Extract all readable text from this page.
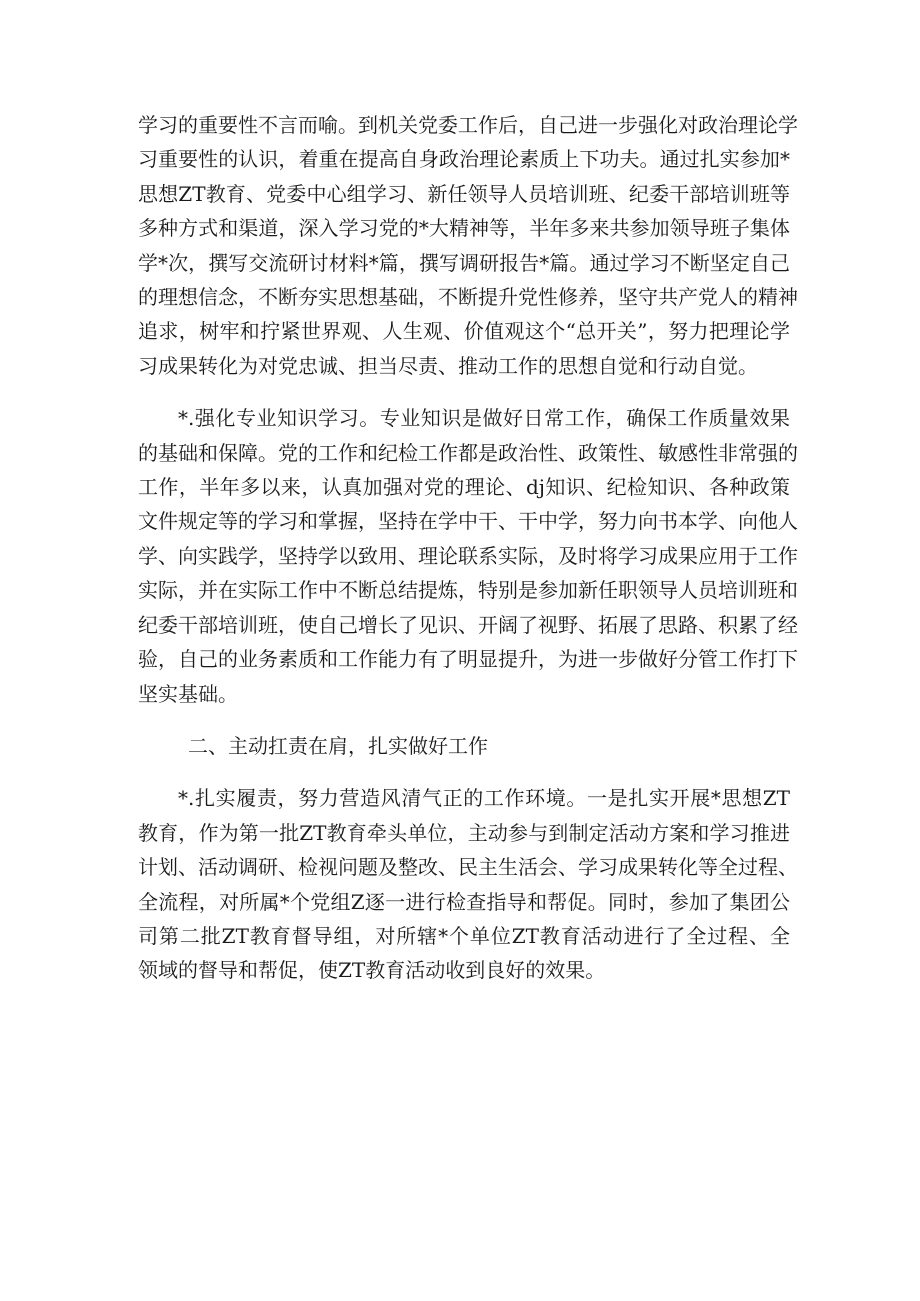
学习的重要性不言而喻。到机关党委工作后，自己进一步强化对政治理论学
习重要性的认识，着重在提高自身政治理论素质上下功夫。通过扎实参加*
思想ZT教育、党委中心组学习、新任领导人员培训班、纪委干部培训班等
多种方式和渠道，深入学习党的*大精神等，半年多来共参加领导班子集体
学*次，撰写交流研讨材料*篇，撰写调研报告*篇。通过学习不断坚定自己
的理想信念，不断夯实思想基础，不断提升党性修养，坚守共产党人的精神
追求，树牢和拧紧世界观、人生观、价值观这个“总开关”，努力把理论学
习成果转化为对党忠诚、担当尽责、推动工作的思想自觉和行动自觉。
*.强化专业知识学习。专业知识是做好日常工作，确保工作质量效果
的基础和保障。党的工作和纪检工作都是政治性、政策性、敏感性非常强的
工作，半年多以来，认真加强对党的理论、dj知识、纪检知识、各种政策
文件规定等的学习和掌握，坚持在学中干、干中学，努力向书本学、向他人
学、向实践学，坚持学以致用、理论联系实际，及时将学习成果应用于工作
实际，并在实际工作中不断总结提炼，特别是参加新任职领导人员培训班和
纪委干部培训班，使自己增长了见识、开阔了视野、拓展了思路、积累了经
验，自己的业务素质和工作能力有了明显提升，为进一步做好分管工作打下
坚实基础。
二、主动扛责在肩，扎实做好工作
*.扎实履责，努力营造风清气正的工作环境。一是扎实开展*思想ZT
教育，作为第一批ZT教育牵头单位，主动参与到制定活动方案和学习推进
计划、活动调研、检视问题及整改、民主生活会、学习成果转化等全过程、
全流程，对所属*个党组Z逐一进行检查指导和帮促。同时，参加了集团公
司第二批ZT教育督导组，对所辖*个单位ZT教育活动进行了全过程、全
领域的督导和帮促，使ZT教育活动收到良好的效果。
